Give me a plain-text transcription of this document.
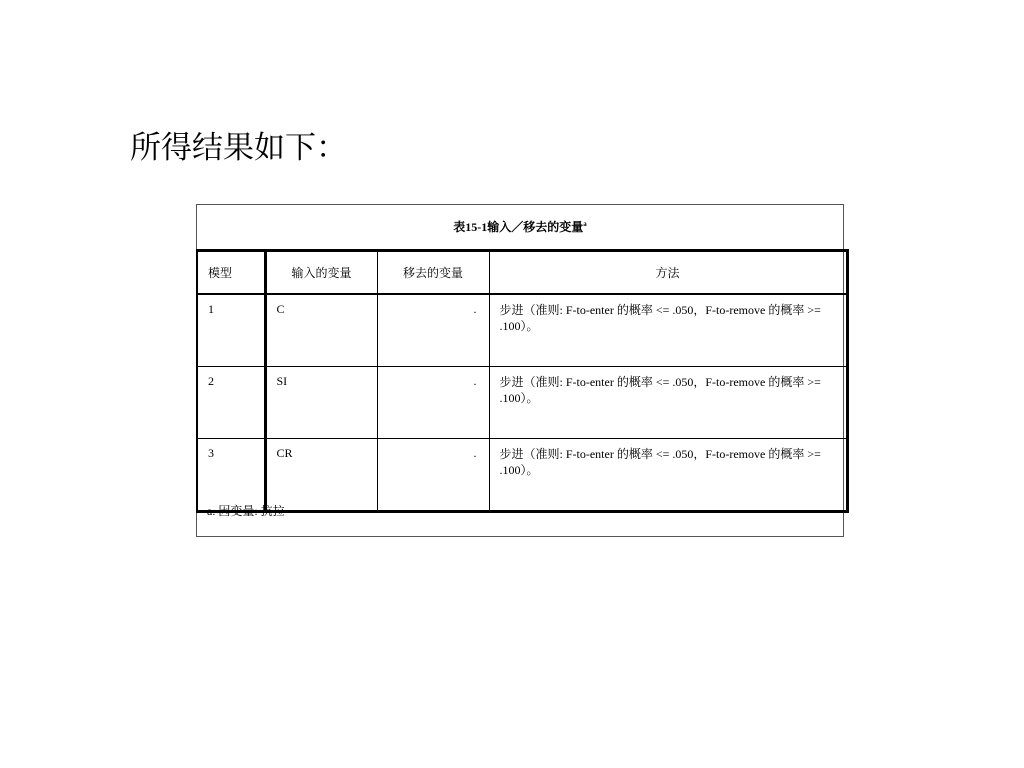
所得结果如下：
表15-1输入／移去的变量$^a$
模型	输入的变量	移去的变量	方法
1	C	.	步进（准则: F-to-enter 的概率 <= .050，F-to-remove 的概率 >= .100）。
2	SI	.	步进（准则: F-to-enter 的概率 <= .050，F-to-remove 的概率 >= .100）。
3	CR	.	步进（准则: F-to-enter 的概率 <= .050，F-to-remove 的概率 >= .100）。
a. 因变量: 抗拉
